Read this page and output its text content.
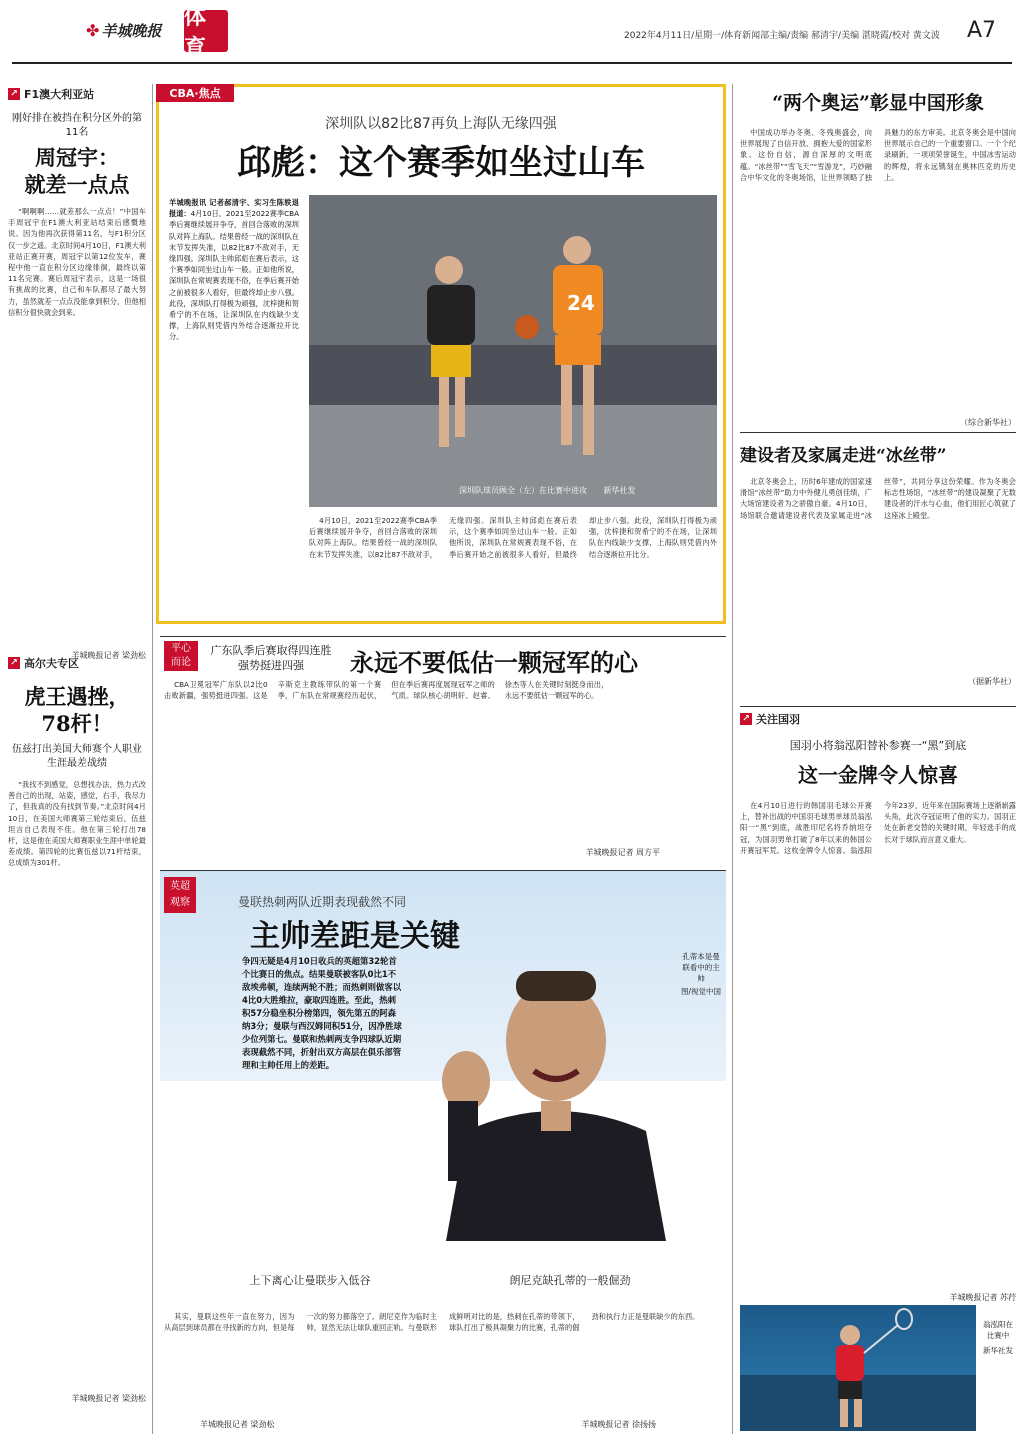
✤ 羊城晚报
体育	2022年4月11日/星期一/体育新闻部主编/责编 郝清宇/美编 湛晓霞/校对 黄文波 A7
↗ F1澳大利亚站
刚好排在被挡在积分区外的第11名
周冠宇：
就差一点点
“啊啊啊……就差那么一点点！”中国车手周冠宇在F1澳大利亚站结束后感慨地说。因为他再次获得第11名，与F1积分区仅一步之遥。北京时间4月10日，F1澳大利亚站正赛开赛，周冠宇以第12位发车，赛程中他一直在积分区边缘徘徊，最终以第11名完赛。赛后周冠宇表示，这是一场很有挑战的比赛，自己和车队都尽了最大努力，虽然就差一点点没能拿到积分，但他相信积分很快就会到来。
羊城晚报记者 梁劲松
↗ 高尔夫专区
虎王遇挫，
78杆！
伍兹打出美国大师赛个人职业生涯最差战绩
“我找不到感觉，总想找办法，热力式改善自己的出现，站姿，感觉，右手，我尽力了，但我真的没有找到节奏。”北京时间4月10日，在美国大师赛第三轮结束后，伍兹坦言自己表现不佳。他在第三轮打出78杆，这是他在美国大师赛职业生涯中单轮最差成绩。第四轮的比赛伍兹以71杆结束，总成绩为301杆。
羊城晚报记者 梁劲松
CBA·焦点
深圳队以82比87再负上海队无缘四强
邱彪：这个赛季如坐过山车
羊城晚报讯 记者郝清宇、实习生陈轶退报道：4月10日，2021至2022赛季CBA季后赛继续展开争夺，首回合落败的深圳队对阵上海队。结果曾经一战的深圳队在末节发挥失准，以82比87不敌对手，无缘四强。深圳队主帅邱彪在赛后表示，这个赛季如同坐过山车一般。正如他所说，深圳队在常规赛表现不俗，在季后赛开始之前被很多人看好，但最终却止步八强。此役，深圳队打得极为顽强，沈梓捷和贺希宁的不在场，让深圳队在内线缺少支撑，上海队则凭借内外结合逐渐拉开比分。
24
深圳队球员顾全（左）在比赛中进攻 新华社发
4月10日，2021至2022赛季CBA季后赛继续展开争夺，首回合落败的深圳队对阵上海队。结果曾经一战的深圳队在末节发挥失准，以82比87不敌对手，无缘四强。深圳队主帅邱彪在赛后表示，这个赛季如同坐过山车一般。正如他所说，深圳队在常规赛表现不俗，在季后赛开始之前被很多人看好，但最终却止步八强。此役，深圳队打得极为顽强，沈梓捷和贺希宁的不在场，让深圳队在内线缺少支撑，上海队则凭借内外结合逐渐拉开比分。
平心
而论
广东队季后赛取得四连胜强势挺进四强	永远不要低估一颗冠军的心
CBA卫冕冠军广东队以2比0击败新疆，强势挺进四强。这是辛斯克主教练带队的第一个赛季，广东队在常规赛经历起伏，但在季后赛再度展现冠军之师的气质。球队核心胡明轩、赵睿、徐杰等人在关键时刻挺身而出，永远不要低估一颗冠军的心。
羊城晚报记者 周方平
英超
观察	曼联热刺两队近期表现截然不同
主帅差距是关键
争四无疑是4月10日收兵的英超第32轮首个比赛日的焦点。结果曼联被客队0比1不敌埃弗顿，连续两轮不胜；而热刺则做客以4比0大胜维拉，豪取四连胜。至此，热刺积57分稳坐积分榜第四，领先第五的阿森纳3分；曼联与西汉姆同积51分，因净胜球少位列第七。曼联和热刺两支争四球队近期表现截然不同，折射出双方高层在俱乐部管理和主帅任用上的差距。
孔蒂本是曼联看中的主帅
图/视觉中国
上下离心让曼联步入低谷	朗尼克缺孔蒂的一般倔劲
其实，曼联这些年一直在努力，因为从高层到球员都在寻找新的方向，但是每一次的努力都落空了。朗尼克作为临时主帅，显然无法让球队重回正轨。与曼联形成鲜明对比的是，热刺在孔蒂的带领下，球队打出了极具凝聚力的比赛，孔蒂的倔劲和执行力正是曼联缺少的东西。
羊城晚报记者 徐扬扬
羊城晚报记者 梁劲松
“两个奥运”彰显中国形象
中国成功举办冬奥、冬残奥盛会，向世界展现了自信开放、拥抱大爱的国家形象。这份自信，源自深厚的文明底蕴。“冰丝带”“雪飞天”“雪游龙”，巧妙融合中华文化的冬奥场馆，让世界领略了独具魅力的东方审美。北京冬奥会是中国向世界展示自己的一个重要窗口。一个个纪录刷新，一项项荣誉诞生，中国冰雪运动的辉煌，将永远镌刻在奥林匹克的历史上。
（综合新华社）
建设者及家属走进“冰丝带”
北京冬奥会上，历时6年建成的国家速滑馆“冰丝带”助力中外健儿勇创佳绩，广大场馆建设者为之骄傲自豪。4月10日，场馆联合邀请建设者代表及家属走进“冰丝带”，共同分享这份荣耀。作为冬奥会标志性场馆，“冰丝带”的建设凝聚了无数建设者的汗水与心血，他们用匠心筑就了这座冰上殿堂。
（据新华社）
↗ 关注国羽
国羽小将翁泓阳替补参赛一“黑”到底
这一金牌令人惊喜
在4月10日进行的韩国羽毛球公开赛上，替补出战的中国羽毛球男单球员翁泓阳一“黑”到底，战胜印尼名将乔纳坦夺冠，为国羽男单打破了8年以来的韩国公开赛冠军荒。这枚金牌令人惊喜。翁泓阳今年23岁，近年来在国际赛场上逐渐崭露头角，此次夺冠证明了他的实力。国羽正处在新老交替的关键时期，年轻选手的成长对于球队而言意义重大。
羊城晚报记者 苏荇
翁泓阳在比赛中
新华社发
